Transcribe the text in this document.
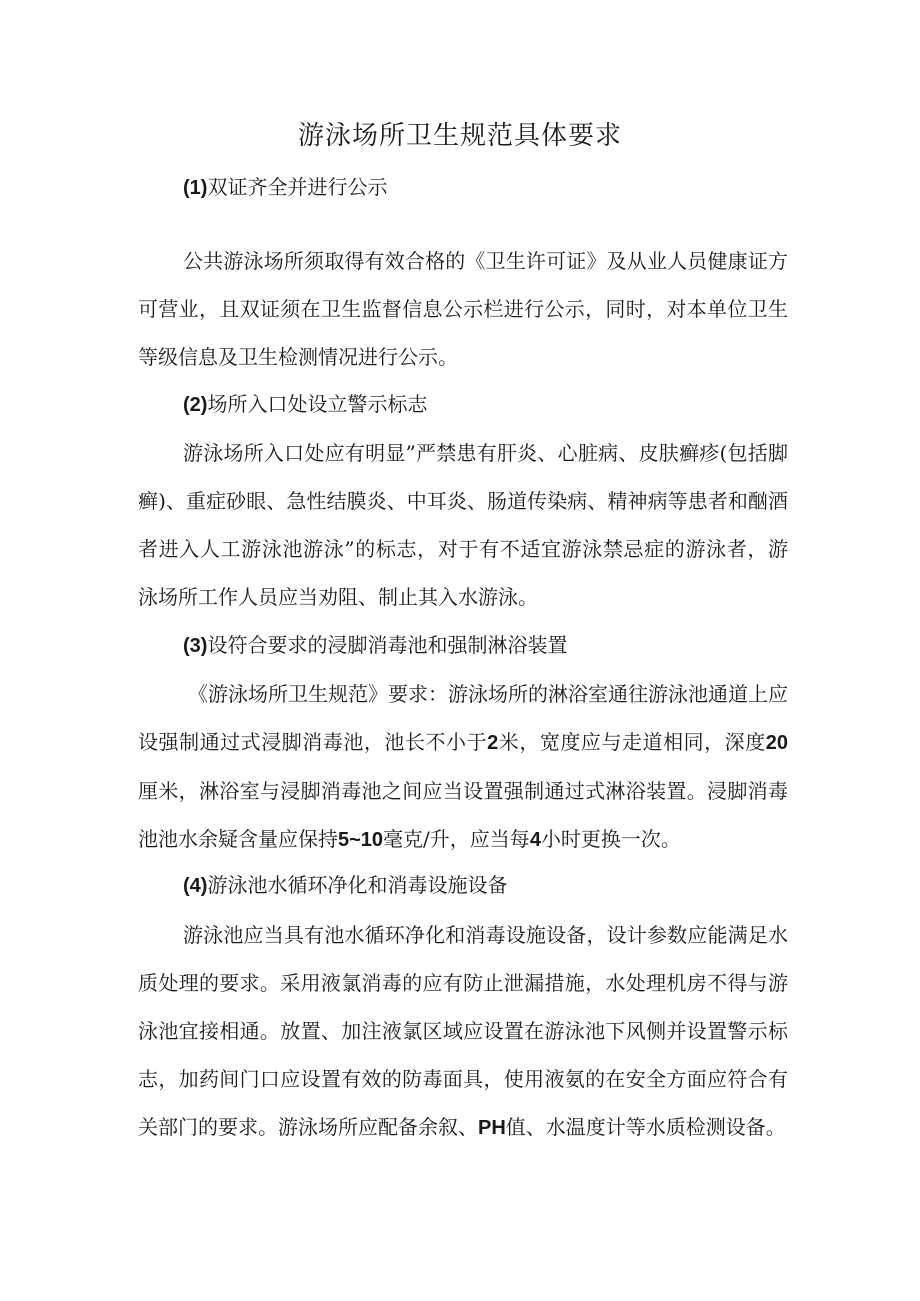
游泳场所卫生规范具体要求

(1)双证齐全并进行公示

公共游泳场所须取得有效合格的《卫生许可证》及从业人员健康证方可营业，且双证须在卫生监督信息公示栏进行公示，同时，对本单位卫生等级信息及卫生检测情况进行公示。

(2)场所入口处设立警示标志

游泳场所入口处应有明显”严禁患有肝炎、心脏病、皮肤癣疹(包括脚癣)、重症砂眼、急性结膜炎、中耳炎、肠道传染病、精神病等患者和酗酒者进入人工游泳池游泳”的标志，对于有不适宜游泳禁忌症的游泳者，游泳场所工作人员应当劝阻、制止其入水游泳。

(3)设符合要求的浸脚消毒池和强制淋浴装置

《游泳场所卫生规范》要求：游泳场所的淋浴室通往游泳池通道上应设强制通过式浸脚消毒池，池长不小于2米，宽度应与走道相同，深度20厘米，淋浴室与浸脚消毒池之间应当设置强制通过式淋浴装置。浸脚消毒池池水余疑含量应保持5~10毫克/升，应当每4小时更换一次。

(4)游泳池水循环净化和消毒设施设备

游泳池应当具有池水循环净化和消毒设施设备，设计参数应能满足水质处理的要求。采用液氯消毒的应有防止泄漏措施，水处理机房不得与游泳池宜接相通。放置、加注液氯区域应设置在游泳池下风侧并设置警示标志，加药间门口应设置有效的防毒面具，使用液氨的在安全方面应符合有关部门的要求。游泳场所应配备余叙、PH值、水温度计等水质检测设备。
